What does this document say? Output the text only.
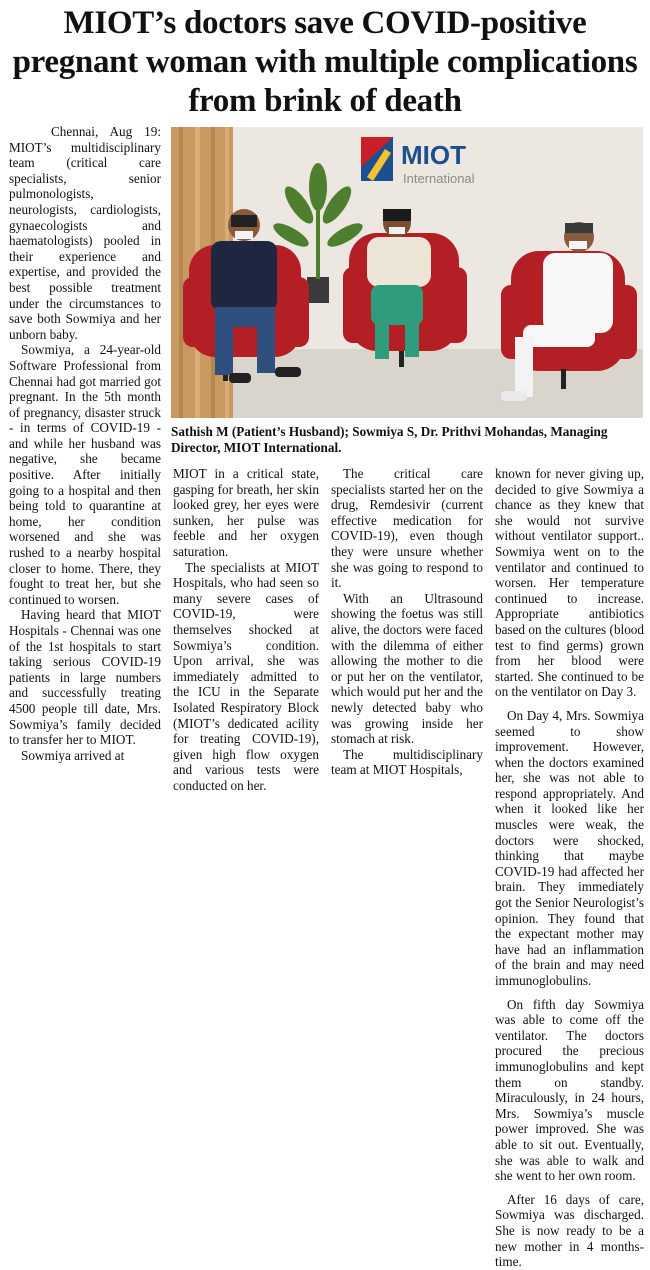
MIOT’s doctors save COVID-positive pregnant woman with multiple complications from brink of death

Chennai, Aug 19: MIOT’s multidisciplinary team (critical care specialists, senior pulmonologists, neurologists, cardiologists, gynaecologists and haematologists) pooled in their experience and expertise, and provided the best possible treatment under the circumstances to save both Sowmiya and her unborn baby.

Sowmiya, a 24-year-old Software Professional from Chennai had got married got pregnant. In the 5th month of pregnancy, disaster struck - in terms of COVID-19 - and while her husband was negative, she became positive. After initially going to a hospital and then being told to quarantine at home, her condition worsened and she was rushed to a nearby hospital closer to home. There, they fought to treat her, but she continued to worsen.

Having heard that MIOT Hospitals - Chennai was one of the 1st hospitals to start taking serious COVID-19 patients in large numbers and successfully treating 4500 people till date, Mrs. Sowmiya’s family decided to transfer her to MIOT.

Sowmiya arrived at

MIOT
International

Sathish M (Patient’s Husband); Sowmiya S, Dr. Prithvi Mohandas, Managing Director, MIOT International.

MIOT in a critical state, gasping for breath, her skin looked grey, her eyes were sunken, her pulse was feeble and her oxygen saturation.

The specialists at MIOT Hospitals, who had seen so many severe cases of COVID-19, were themselves shocked at Sowmiya’s condition. Upon arrival, she was immediately admitted to the ICU in the Separate Isolated Respiratory Block (MIOT’s dedicated acility for treating COVID-19), given high flow oxygen and various tests were conducted on her.

The critical care specialists started her on the drug, Remdesivir (current effective medication for COVID-19), even though they were unsure whether she was going to respond to it.

With an Ultrasound showing the foetus was still alive, the doctors were faced with the dilemma of either allowing the mother to die or put her on the ventilator, which would put her and the newly detected baby who was growing inside her stomach at risk.

The multidisciplinary team at MIOT Hospitals,

known for never giving up, decided to give Sowmiya a chance as they knew that she would not survive without ventilator support.. Sowmiya went on to the ventilator and continued to worsen. Her temperature continued to increase. Appropriate antibiotics based on the cultures (blood test to find germs) grown from her blood were started. She continued to be on the ventilator on Day 3.

On Day 4, Mrs. Sowmiya seemed to show improvement. However, when the doctors examined her, she was not able to respond appropriately. And when it looked like her muscles were weak, the doctors were shocked, thinking that maybe COVID-19 had affected her brain. They immediately got the Senior Neurologist’s opinion. They found that the expectant mother may have had an inflammation of the brain and may need immunoglobulins.

On fifth day Sowmiya was able to come off the ventilator. The doctors procured the precious immunoglobulins and kept them on standby. Miraculously, in 24 hours, Mrs. Sowmiya’s muscle power improved. She was able to sit out. Eventually, she was able to walk and she went to her own room.

After 16 days of care, Sowmiya was discharged. She is now ready to be a new mother in 4 months-time.
